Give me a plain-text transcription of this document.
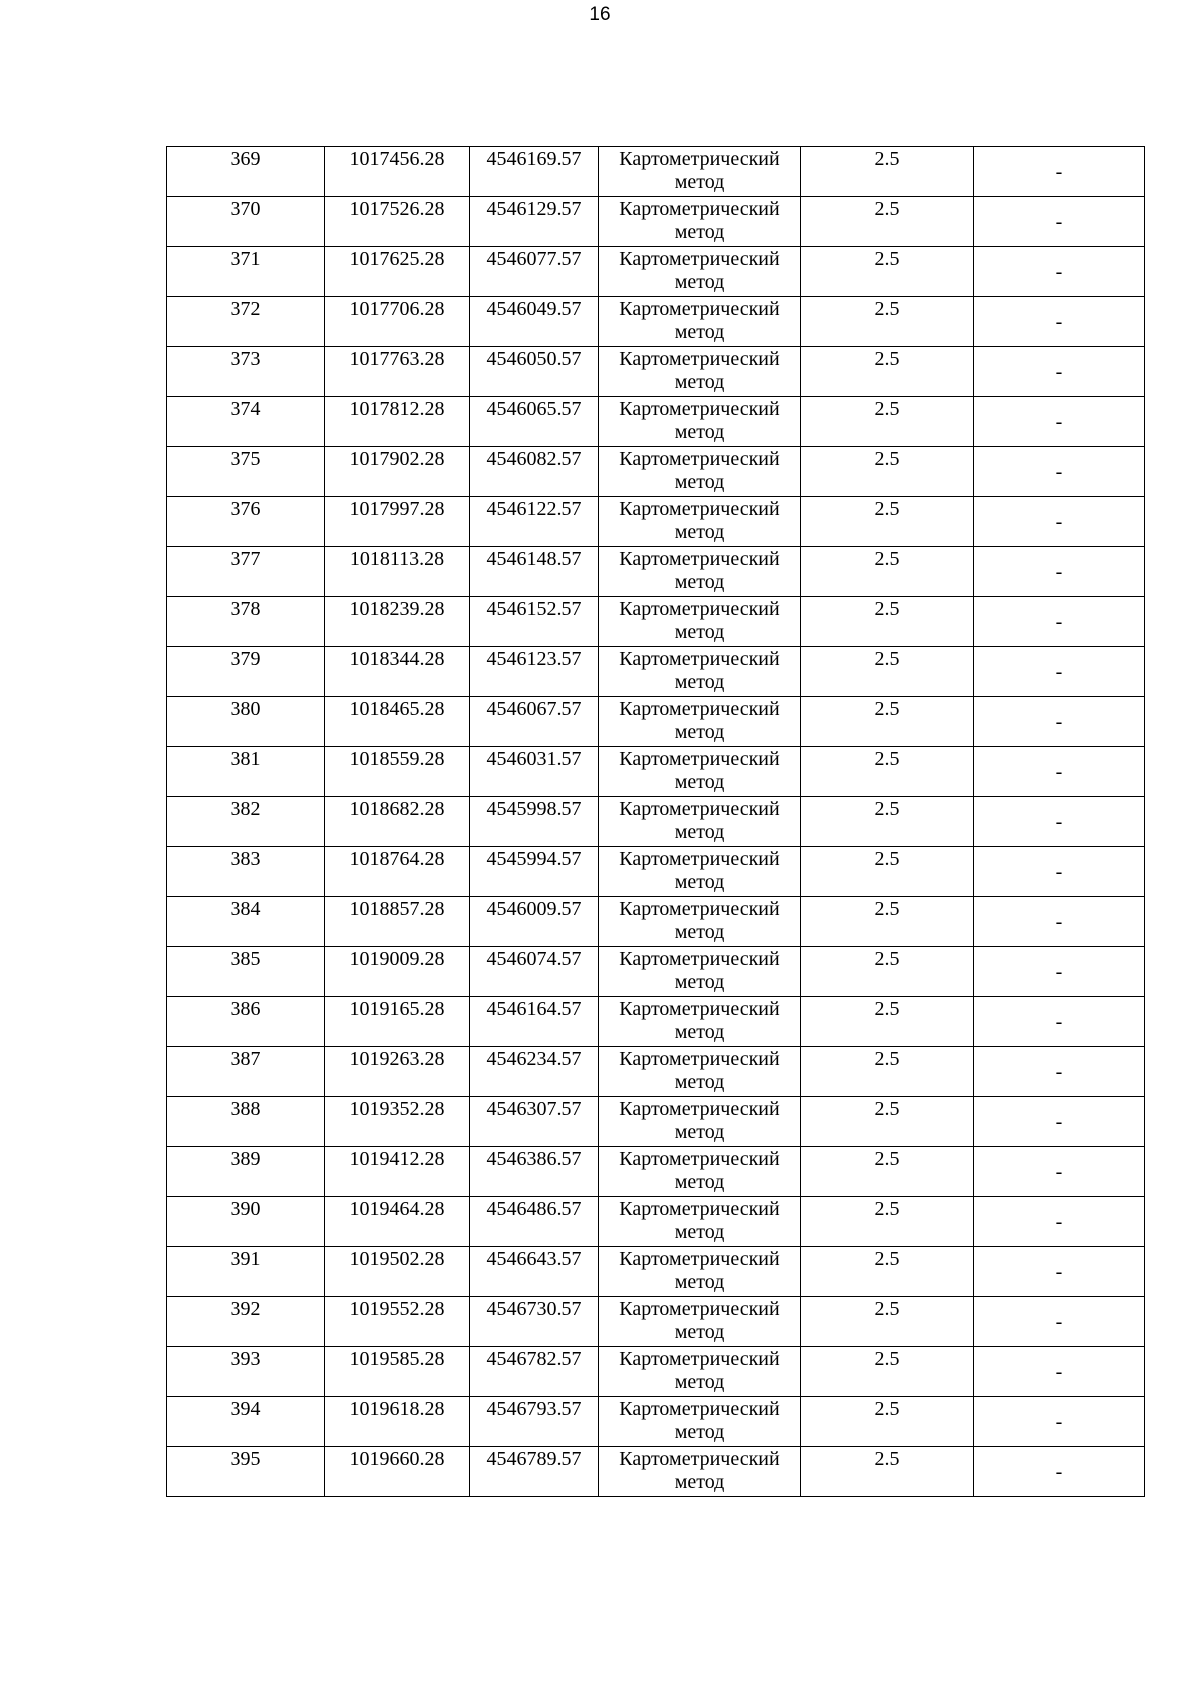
16
369	1017456.28	4546169.57	Картометрический метод	2.5	-

370	1017526.28	4546129.57	Картометрический метод	2.5	-

371	1017625.28	4546077.57	Картометрический метод	2.5	-

372	1017706.28	4546049.57	Картометрический метод	2.5	-

373	1017763.28	4546050.57	Картометрический метод	2.5	-

374	1017812.28	4546065.57	Картометрический метод	2.5	-

375	1017902.28	4546082.57	Картометрический метод	2.5	-

376	1017997.28	4546122.57	Картометрический метод	2.5	-

377	1018113.28	4546148.57	Картометрический метод	2.5	-

378	1018239.28	4546152.57	Картометрический метод	2.5	-

379	1018344.28	4546123.57	Картометрический метод	2.5	-

380	1018465.28	4546067.57	Картометрический метод	2.5	-

381	1018559.28	4546031.57	Картометрический метод	2.5	-

382	1018682.28	4545998.57	Картометрический метод	2.5	-

383	1018764.28	4545994.57	Картометрический метод	2.5	-

384	1018857.28	4546009.57	Картометрический метод	2.5	-

385	1019009.28	4546074.57	Картометрический метод	2.5	-

386	1019165.28	4546164.57	Картометрический метод	2.5	-

387	1019263.28	4546234.57	Картометрический метод	2.5	-

388	1019352.28	4546307.57	Картометрический метод	2.5	-

389	1019412.28	4546386.57	Картометрический метод	2.5	-

390	1019464.28	4546486.57	Картометрический метод	2.5	-

391	1019502.28	4546643.57	Картометрический метод	2.5	-

392	1019552.28	4546730.57	Картометрический метод	2.5	-

393	1019585.28	4546782.57	Картометрический метод	2.5	-

394	1019618.28	4546793.57	Картометрический метод	2.5	-

395	1019660.28	4546789.57	Картометрический метод	2.5	-
